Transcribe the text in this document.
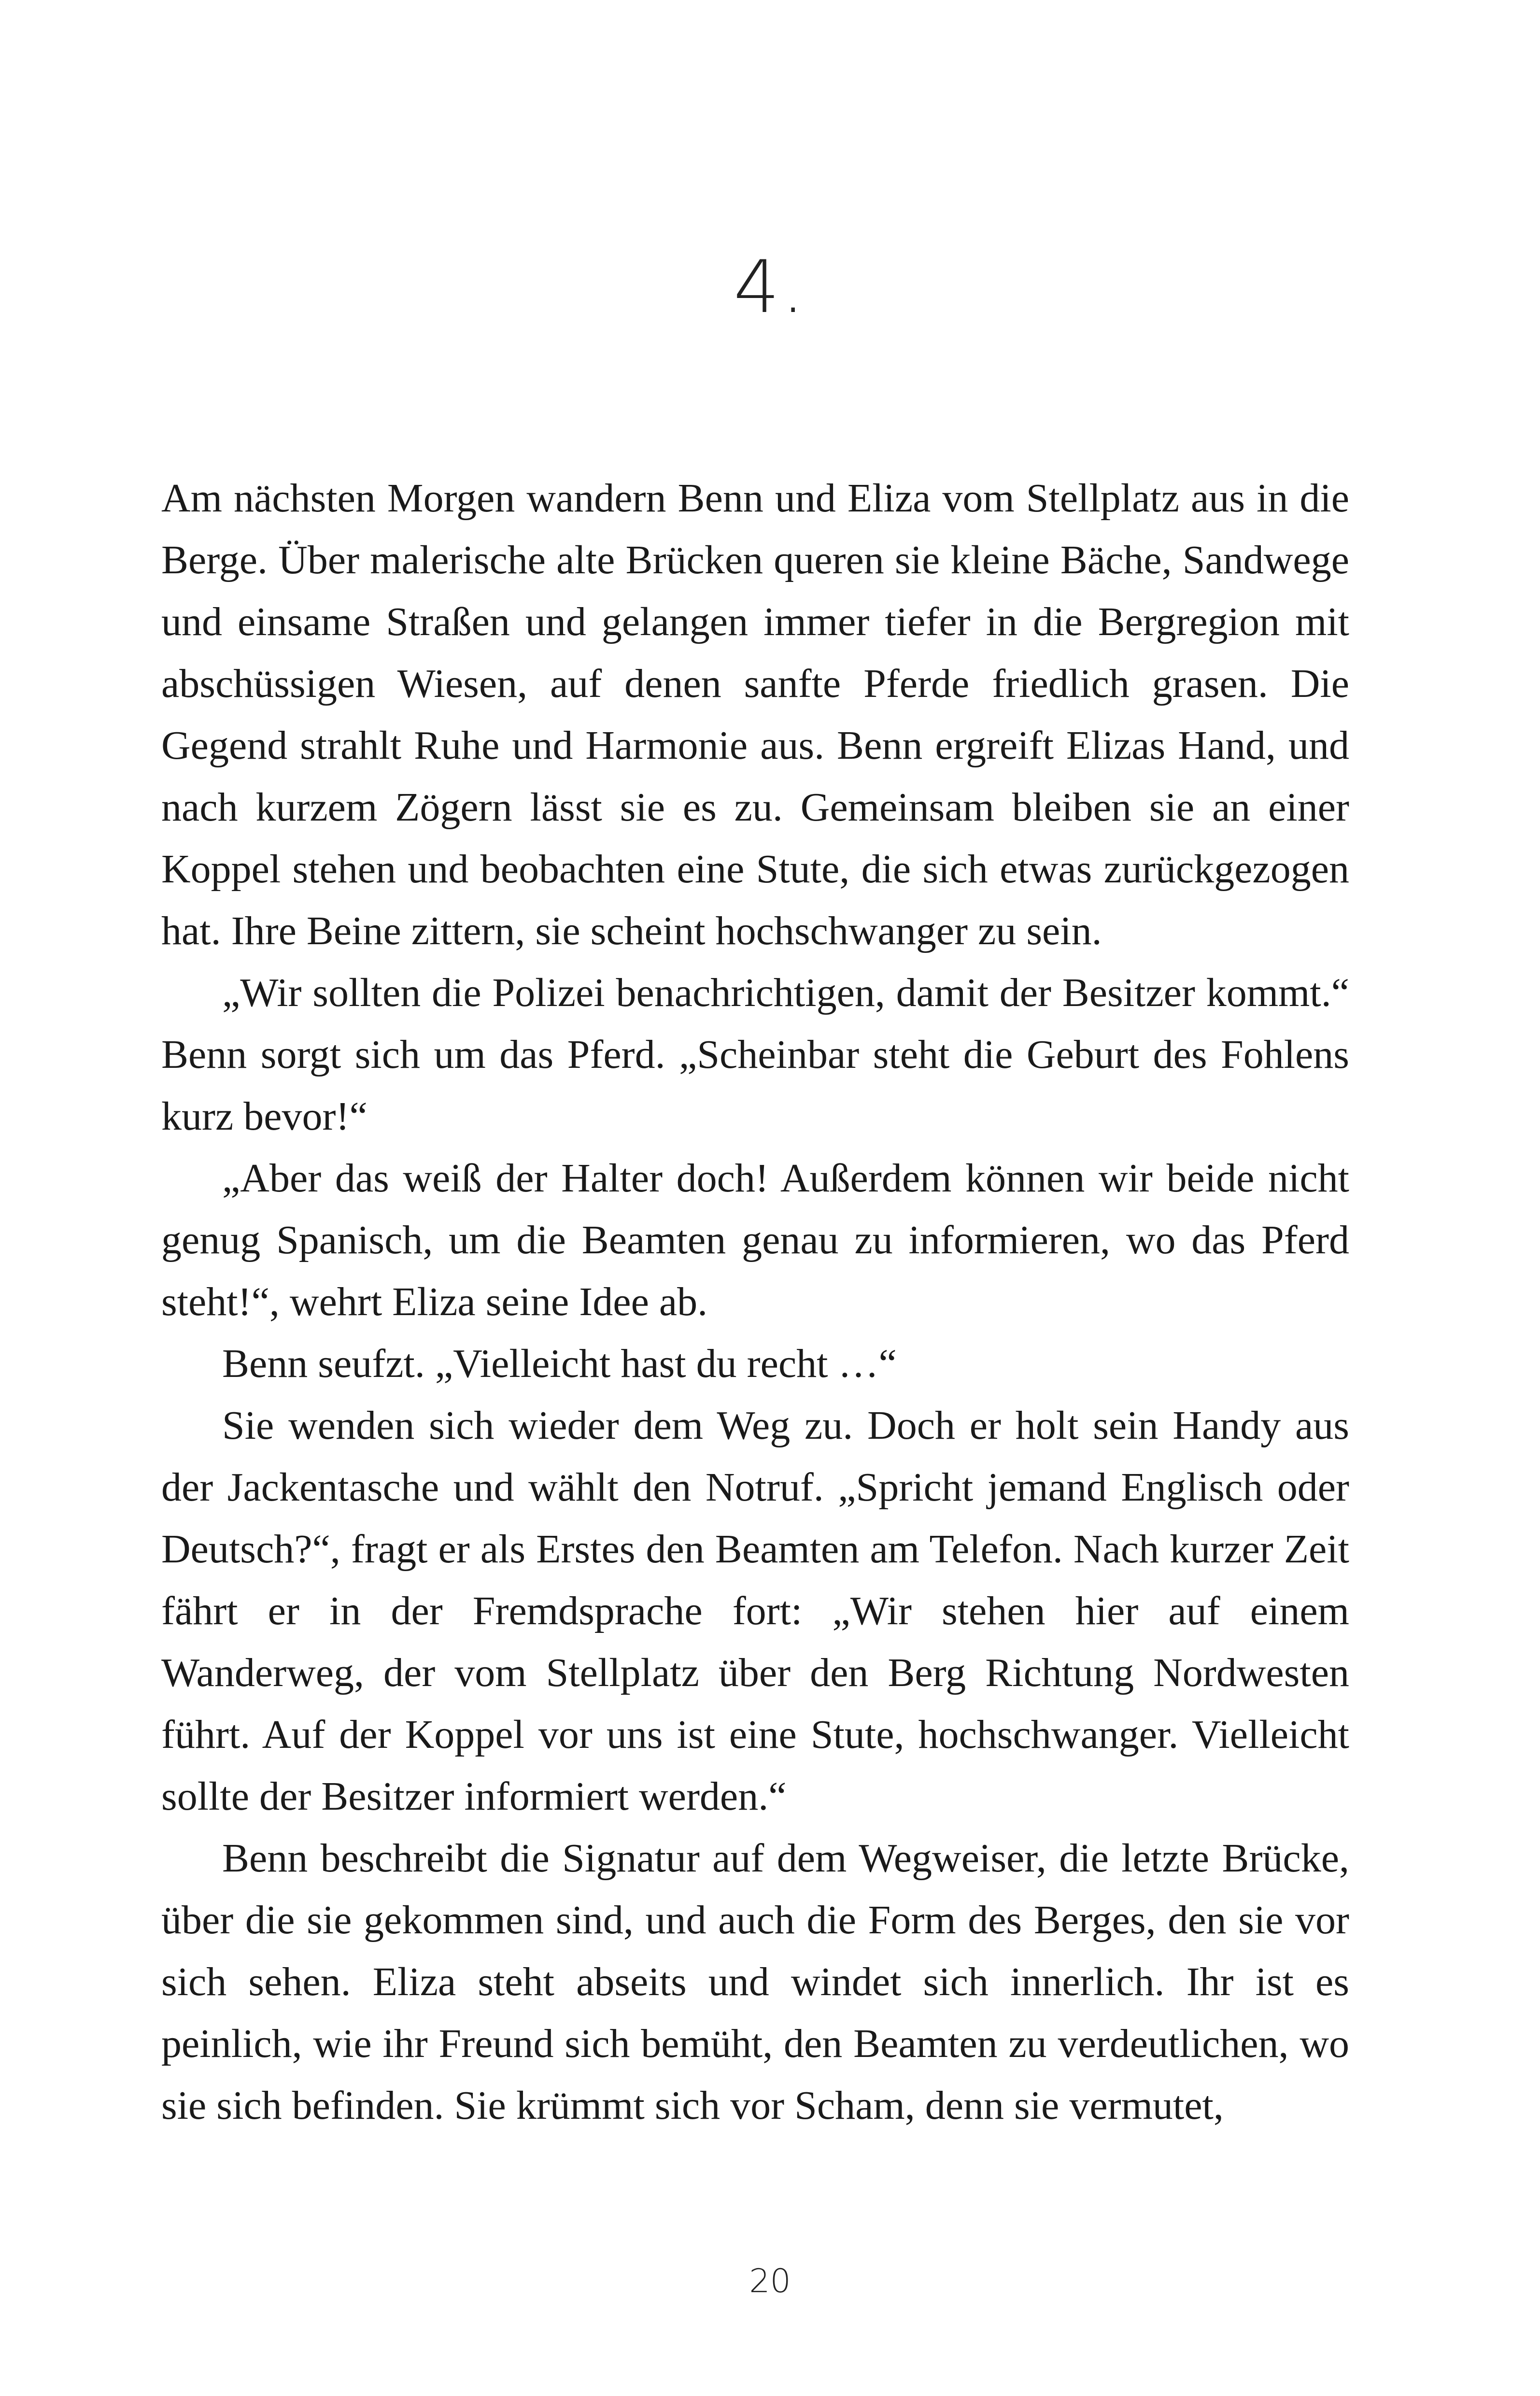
4.

Am nächsten Morgen wandern Benn und Eliza vom Stellplatz aus in die Berge. Über malerische alte Brücken queren sie kleine Bäche, Sandwege und einsame Straßen und gelangen immer tiefer in die Bergregion mit abschüssigen Wiesen, auf denen sanfte Pferde friedlich grasen. Die Gegend strahlt Ruhe und Harmonie aus. Benn ergreift Elizas Hand, und nach kurzem Zögern lässt sie es zu. Gemeinsam bleiben sie an einer Koppel stehen und beobachten eine Stute, die sich etwas zurückgezogen hat. Ihre Beine zittern, sie scheint hochschwanger zu sein.

„Wir sollten die Polizei benachrichtigen, damit der Besitzer kommt.“ Benn sorgt sich um das Pferd. „Scheinbar steht die Geburt des Fohlens kurz bevor!“

„Aber das weiß der Halter doch! Außerdem können wir beide nicht genug Spanisch, um die Beamten genau zu informieren, wo das Pferd steht!“, wehrt Eliza seine Idee ab.

Benn seufzt. „Vielleicht hast du recht …“

Sie wenden sich wieder dem Weg zu. Doch er holt sein Handy aus der Jackentasche und wählt den Notruf. „Spricht jemand Englisch oder Deutsch?“, fragt er als Erstes den Beamten am Telefon. Nach kurzer Zeit fährt er in der Fremdsprache fort: „Wir stehen hier auf einem Wanderweg, der vom Stellplatz über den Berg Richtung Nordwesten führt. Auf der Koppel vor uns ist eine Stute, hochschwanger. Vielleicht sollte der Besitzer informiert werden.“

Benn beschreibt die Signatur auf dem Wegweiser, die letzte Brücke, über die sie gekommen sind, und auch die Form des Berges, den sie vor sich sehen. Eliza steht abseits und windet sich innerlich. Ihr ist es peinlich, wie ihr Freund sich bemüht, den Beamten zu verdeutlichen, wo sie sich befinden. Sie krümmt sich vor Scham, denn sie vermutet,

20
